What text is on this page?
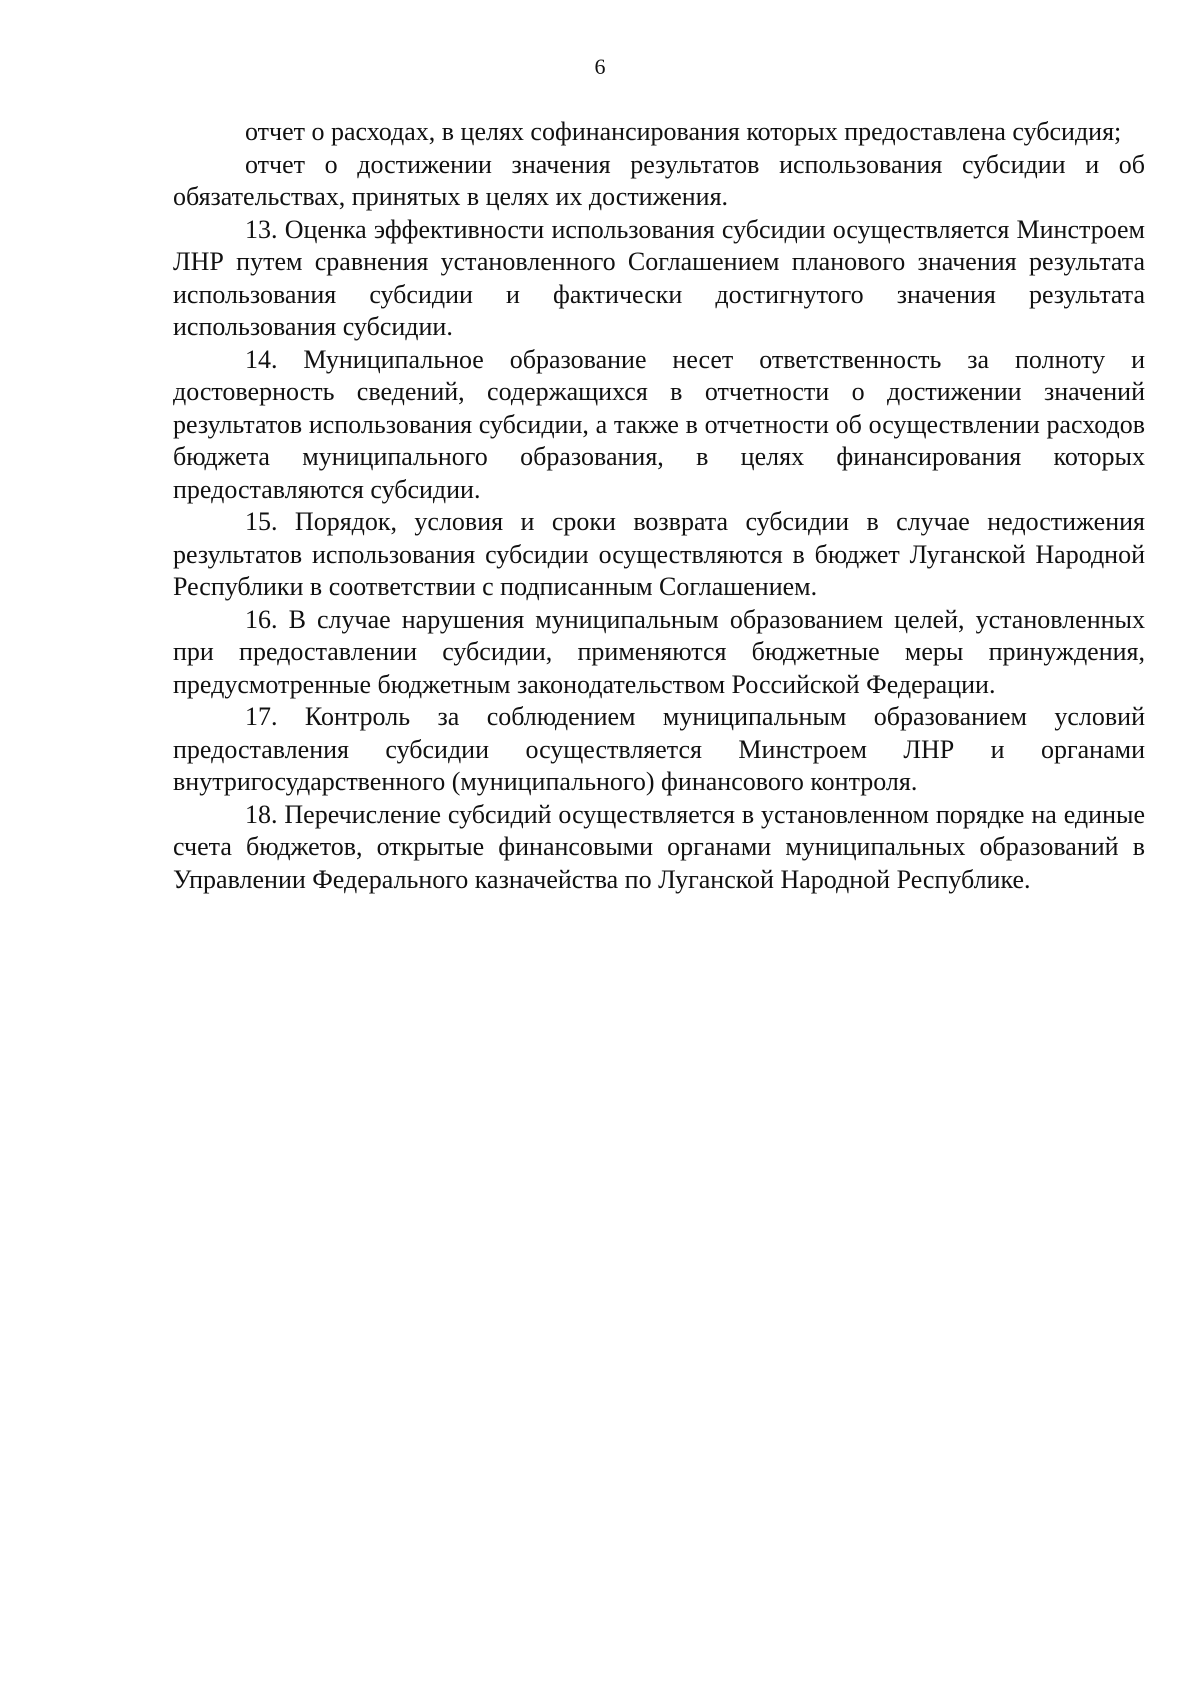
6

отчет о расходах, в целях софинансирования которых предоставлена субсидия;

отчет о достижении значения результатов использования субсидии и об обязательствах, принятых в целях их достижения.

13. Оценка эффективности использования субсидии осуществляется Минстроем ЛНР путем сравнения установленного Соглашением планового значения результата использования субсидии и фактически достигнутого значения результата использования субсидии.

14. Муниципальное образование несет ответственность за полноту и достоверность сведений, содержащихся в отчетности о достижении значений результатов использования субсидии, а также в отчетности об осуществлении расходов бюджета муниципального образования, в целях финансирования которых предоставляются субсидии.

15. Порядок, условия и сроки возврата субсидии в случае недостижения результатов использования субсидии осуществляются в бюджет Луганской Народной Республики в соответствии с подписанным Соглашением.

16. В случае нарушения муниципальным образованием целей, установленных при предоставлении субсидии, применяются бюджетные меры принуждения, предусмотренные бюджетным законодательством Российской Федерации.

17. Контроль за соблюдением муниципальным образованием условий предоставления субсидии осуществляется Минстроем ЛНР и органами внутригосударственного (муниципального) финансового контроля.

18. Перечисление субсидий осуществляется в установленном порядке на единые счета бюджетов, открытые финансовыми органами муниципальных образований в Управлении Федерального казначейства по Луганской Народной Республике.
